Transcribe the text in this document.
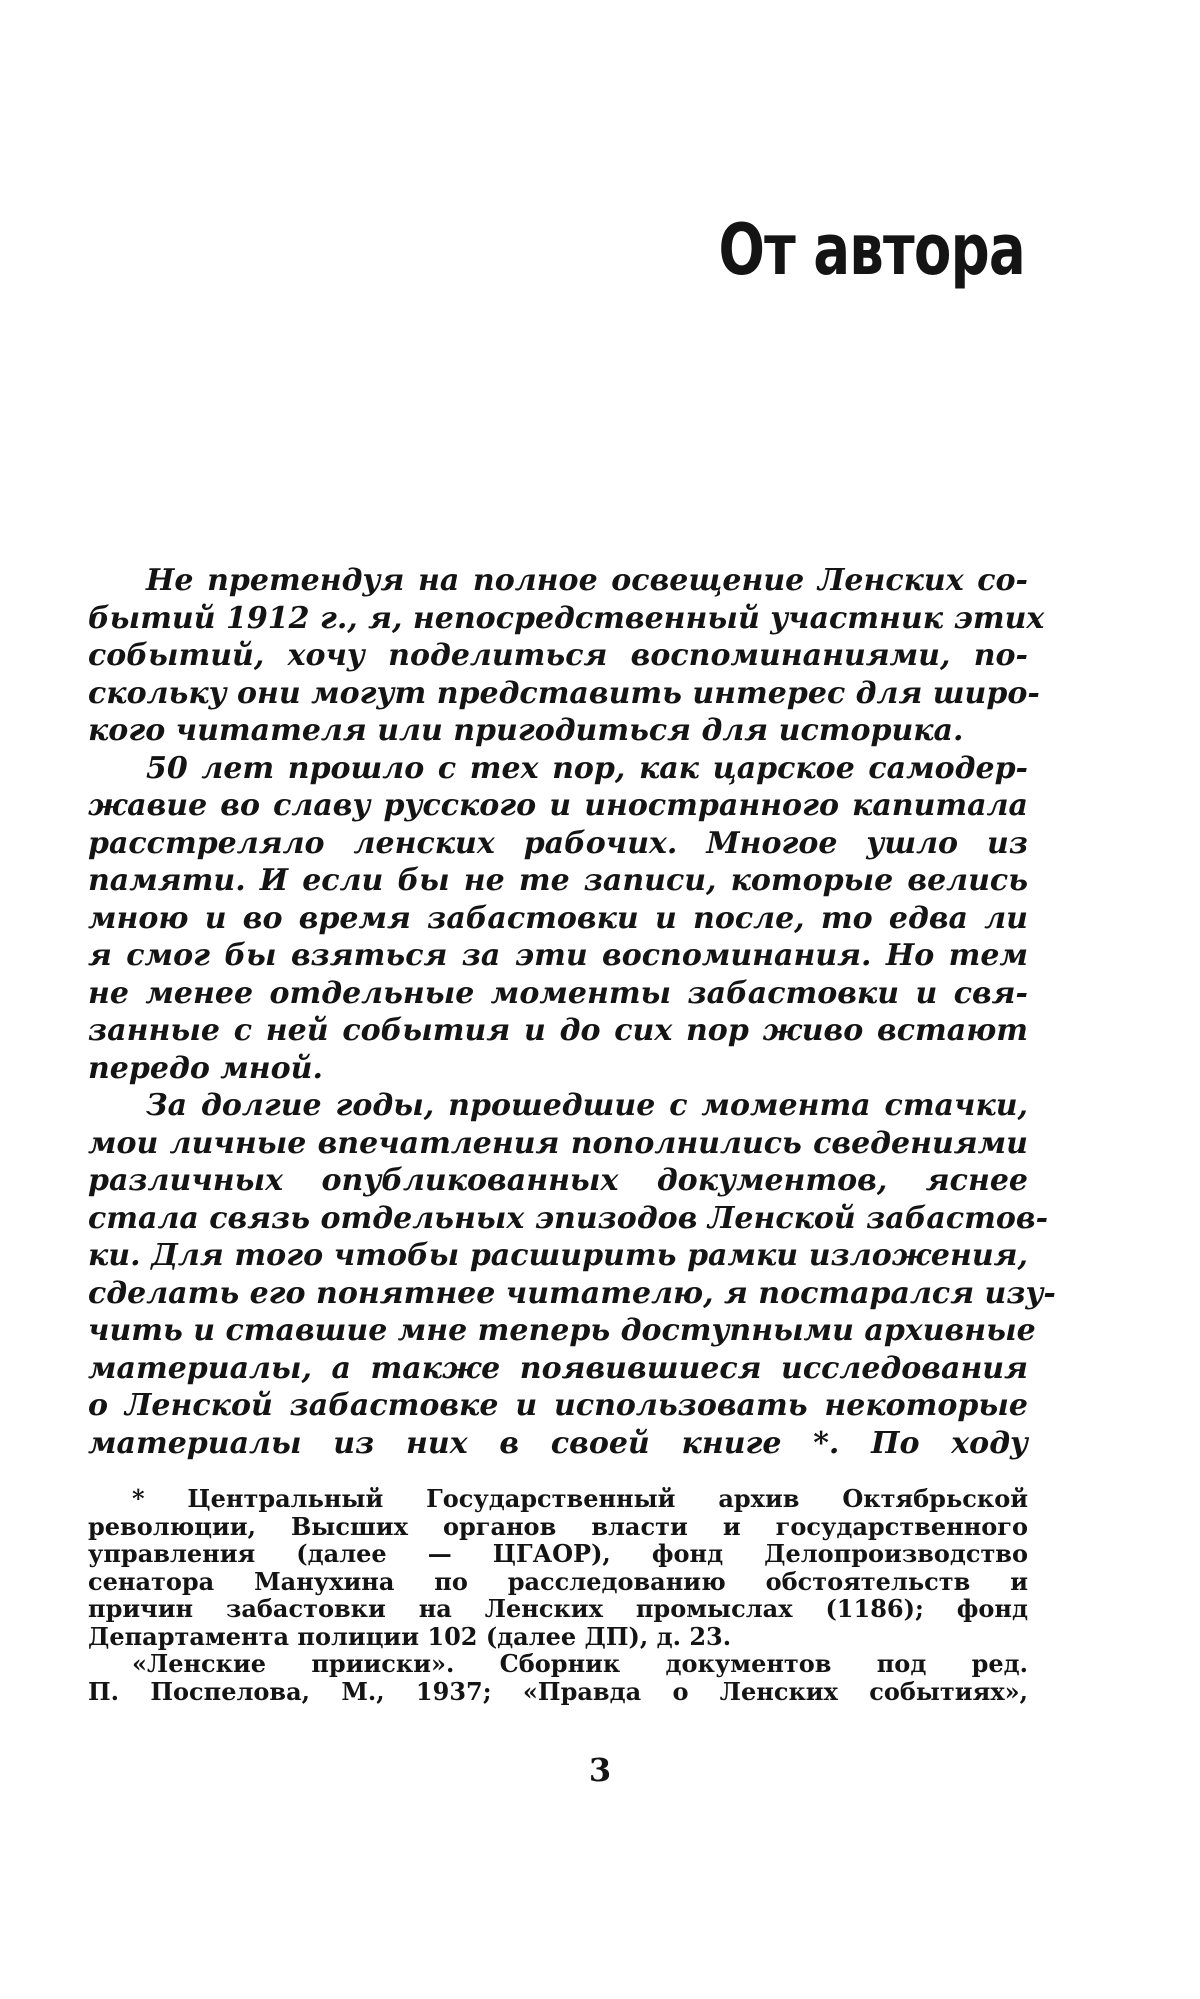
От автора

Не претендуя на полное освещение Ленских со-
бытий 1912 г., я, непосредственный участник этих
событий, хочу поделиться воспоминаниями, по-
скольку они могут представить интерес для широ-
кого читателя или пригодиться для историка.

50 лет прошло с тех пор, как царское самодер-
жавие во славу русского и иностранного капитала
расстреляло ленских рабочих. Многое ушло из
памяти. И если бы не те записи, которые велись
мною и во время забастовки и после, то едва ли
я смог бы взяться за эти воспоминания. Но тем
не менее отдельные моменты забастовки и свя-
занные с ней события и до сих пор живо встают
передо мной.

За долгие годы, прошедшие с момента стачки,
мои личные впечатления пополнились сведениями
различных опубликованных документов, яснее
стала связь отдельных эпизодов Ленской забастов-
ки. Для того чтобы расширить рамки изложения,
сделать его понятнее читателю, я постарался изу-
чить и ставшие мне теперь доступными архивные
материалы, а также появившиеся исследования
о Ленской забастовке и использовать некоторые
материалы из них в своей книге *. По ходу

* Центральный Государственный архив Октябрьской
революции, Высших органов власти и государственного
управления (далее — ЦГАОР), фонд Делопроизводство
сенатора Манухина по расследованию обстоятельств и
причин забастовки на Ленских промыслах (1186); фонд
Департамента полиции 102 (далее ДП), д. 23.
«Ленские прииски». Сборник документов под ред.
П. Поспелова, М., 1937; «Правда о Ленских событиях»,
3
